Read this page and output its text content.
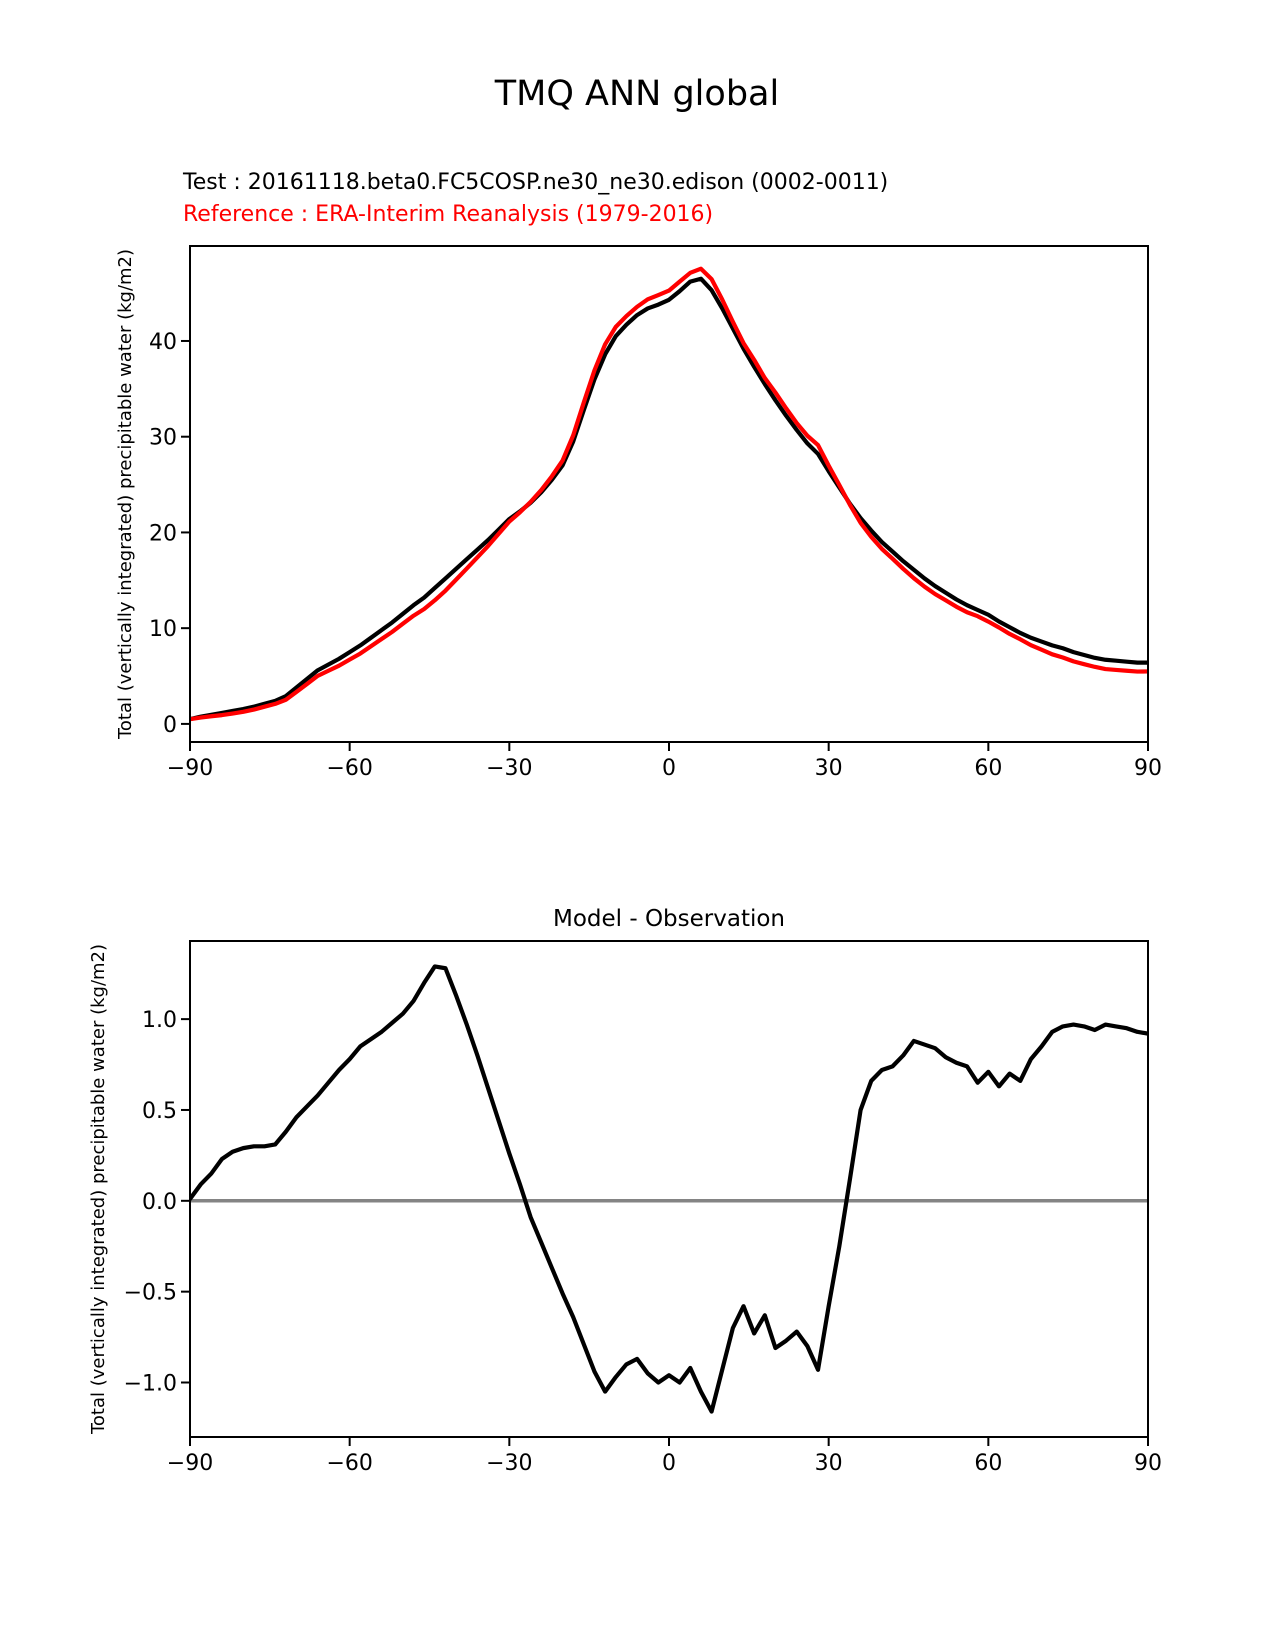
TMQ ANN global
Test : 20161118.beta0.FC5COSP.ne30_ne30.edison (0002-0011)
Reference : ERA-Interim Reanalysis (1979-2016)
Total (vertically integrated) precipitable water (kg/m2)
−90	−60	−30	0	30	60	90
0
10
20
30
40
Model - Observation
Total (vertically integrated) precipitable water (kg/m2)
−90	−60	−30	0	30	60	90
1.0
0.5
0.0
−0.5
−1.0
